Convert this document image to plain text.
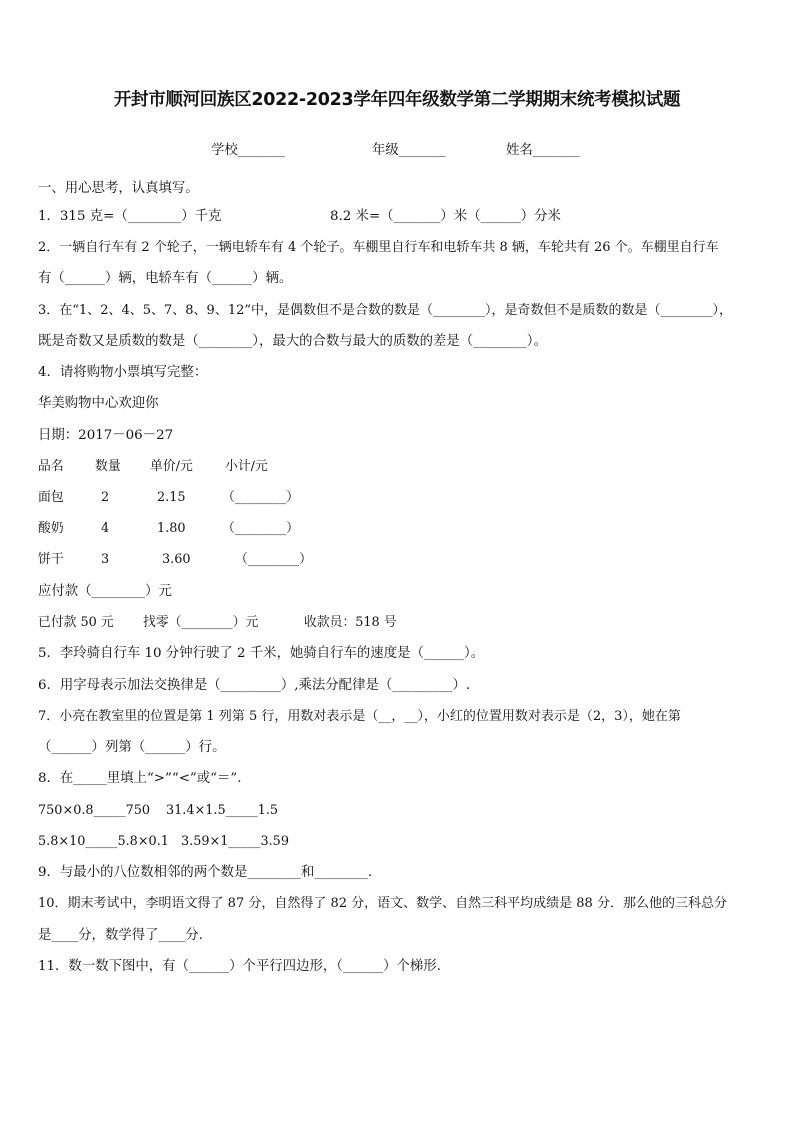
开封市顺河回族区2022-2023学年四年级数学第二学期期末统考模拟试题
学校_______	年级_______	姓名_______
一、用心思考，认真填写。
1．315 克=（________）千克	8.2 米=（_______）米（______）分米
2．一辆自行车有 2 个轮子，一辆电轿车有 4 个轮子。车棚里自行车和电轿车共 8 辆，车轮共有 26 个。车棚里自行车
有（______）辆，电轿车有（______）辆。
3．在“1、2、4、5、7、8、9、12”中，是偶数但不是合数的数是（________），是奇数但不是质数的数是（________），
既是奇数又是质数的数是（________），最大的合数与最大的质数的差是（________）。
4．请将购物小票填写完整：
华美购物中心欢迎你
日期：2017－06－27
品名 数量 单价/元	小计/元
面包	2	2.15	（________）
酸奶	4	1.80	（________）
饼干	3	3.60	（________）
应付款（________）元
已付款 50 元 找零（________）元	收款员：518 号
5．李玲骑自行车 10 分钟行驶了 2 千米，她骑自行车的速度是（______）。
6．用字母表示加法交换律是（_________）,乘法分配律是（_________）.
7．小亮在教室里的位置是第 1 列第 5 行，用数对表示是（__，__），小红的位置用数对表示是（2，3），她在第
（______）列第（______）行。
8．在_____里填上“>”“<”或“＝”.
750×0.8_____750 31.4×1.5_____1.5
5.8×10_____5.8×0.1 3.59×1_____3.59
9．与最小的八位数相邻的两个数是________和________.
10．期末考试中，李明语文得了 87 分，自然得了 82 分，语文、数学、自然三科平均成绩是 88 分．那么他的三科总分
是____分，数学得了____分.
11．数一数下图中，有（______）个平行四边形，（______）个梯形.
